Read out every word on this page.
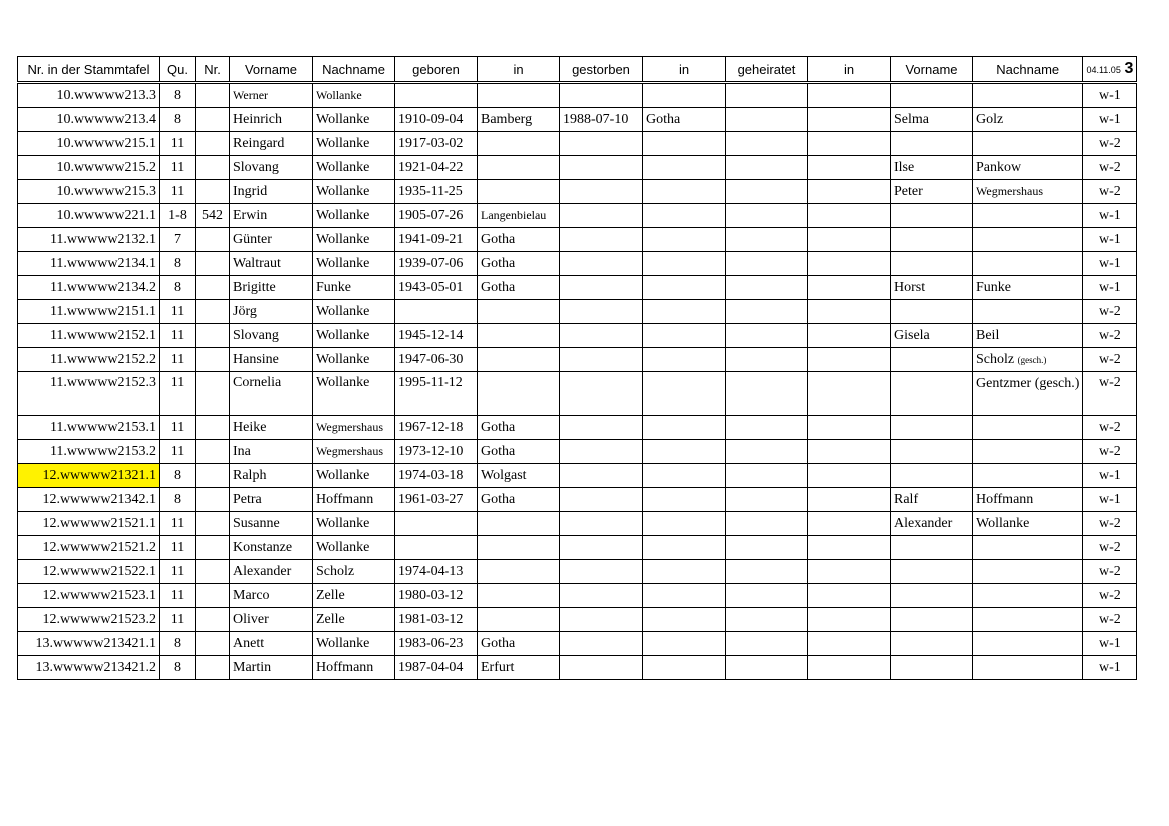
Nr. in der Stammtafel	Qu.	Nr.	Vorname	Nachname	geboren	in	gestorben	in	geheiratet	in	Vorname	Nachname	04.11.05 3
10.wwwww213.3	8		Werner	Wollanke									w-1
10.wwwww213.4	8		Heinrich	Wollanke	1910-09-04	Bamberg	1988-07-10	Gotha			Selma	Golz	w-1
10.wwwww215.1	11		Reingard	Wollanke	1917-03-02								w-2
10.wwwww215.2	11		Slovang	Wollanke	1921-04-22						Ilse	Pankow	w-2
10.wwwww215.3	11		Ingrid	Wollanke	1935-11-25						Peter	Wegmershaus	w-2
10.wwwww221.1	1-8	542	Erwin	Wollanke	1905-07-26	Langenbielau							w-1
11.wwwww2132.1	7		Günter	Wollanke	1941-09-21	Gotha							w-1
11.wwwww2134.1	8		Waltraut	Wollanke	1939-07-06	Gotha							w-1
11.wwwww2134.2	8		Brigitte	Funke	1943-05-01	Gotha					Horst	Funke	w-1
11.wwwww2151.1	11		Jörg	Wollanke									w-2
11.wwwww2152.1	11		Slovang	Wollanke	1945-12-14						Gisela	Beil	w-2
11.wwwww2152.2	11		Hansine	Wollanke	1947-06-30							Scholz (gesch.)	w-2
11.wwwww2152.3	11		Cornelia	Wollanke	1995-11-12							Gentzmer (gesch.)	w-2
11.wwwww2153.1	11		Heike	Wegmershaus	1967-12-18	Gotha							w-2
11.wwwww2153.2	11		Ina	Wegmershaus	1973-12-10	Gotha							w-2
12.wwwww21321.1	8		Ralph	Wollanke	1974-03-18	Wolgast							w-1
12.wwwww21342.1	8		Petra	Hoffmann	1961-03-27	Gotha					Ralf	Hoffmann	w-1
12.wwwww21521.1	11		Susanne	Wollanke							Alexander	Wollanke	w-2
12.wwwww21521.2	11		Konstanze	Wollanke									w-2
12.wwwww21522.1	11		Alexander	Scholz	1974-04-13								w-2
12.wwwww21523.1	11		Marco	Zelle	1980-03-12								w-2
12.wwwww21523.2	11		Oliver	Zelle	1981-03-12								w-2
13.wwwww213421.1	8		Anett	Wollanke	1983-06-23	Gotha							w-1
13.wwwww213421.2	8		Martin	Hoffmann	1987-04-04	Erfurt							w-1
